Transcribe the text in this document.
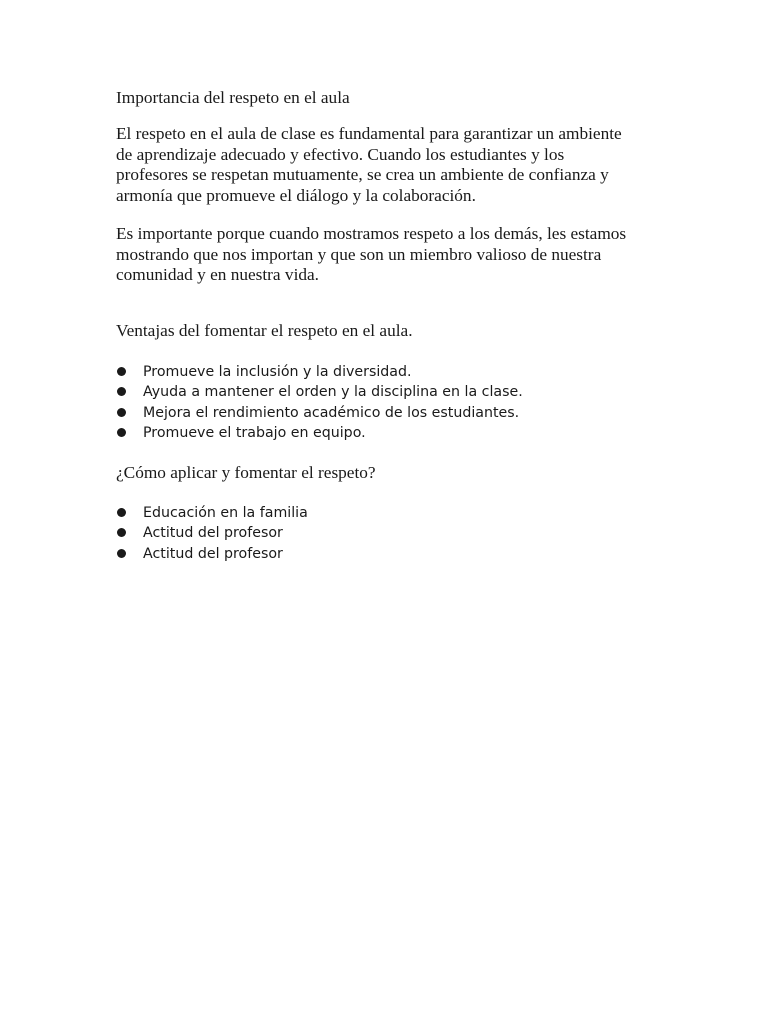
Importancia del respeto en el aula

El respeto en el aula de clase es fundamental para garantizar un ambiente de aprendizaje adecuado y efectivo. Cuando los estudiantes y los profesores se respetan mutuamente, se crea un ambiente de confianza y armonía que promueve el diálogo y la colaboración.

Es importante porque cuando mostramos respeto a los demás, les estamos mostrando que nos importan y que son un miembro valioso de nuestra comunidad y en nuestra vida.

Ventajas del fomentar el respeto en el aula.
Promueve la inclusión y la diversidad.
Ayuda a mantener el orden y la disciplina en la clase.
Mejora el rendimiento académico de los estudiantes.
Promueve el trabajo en equipo.
¿Cómo aplicar y fomentar el respeto?
Educación en la familia
Actitud del profesor
Actitud del profesor
